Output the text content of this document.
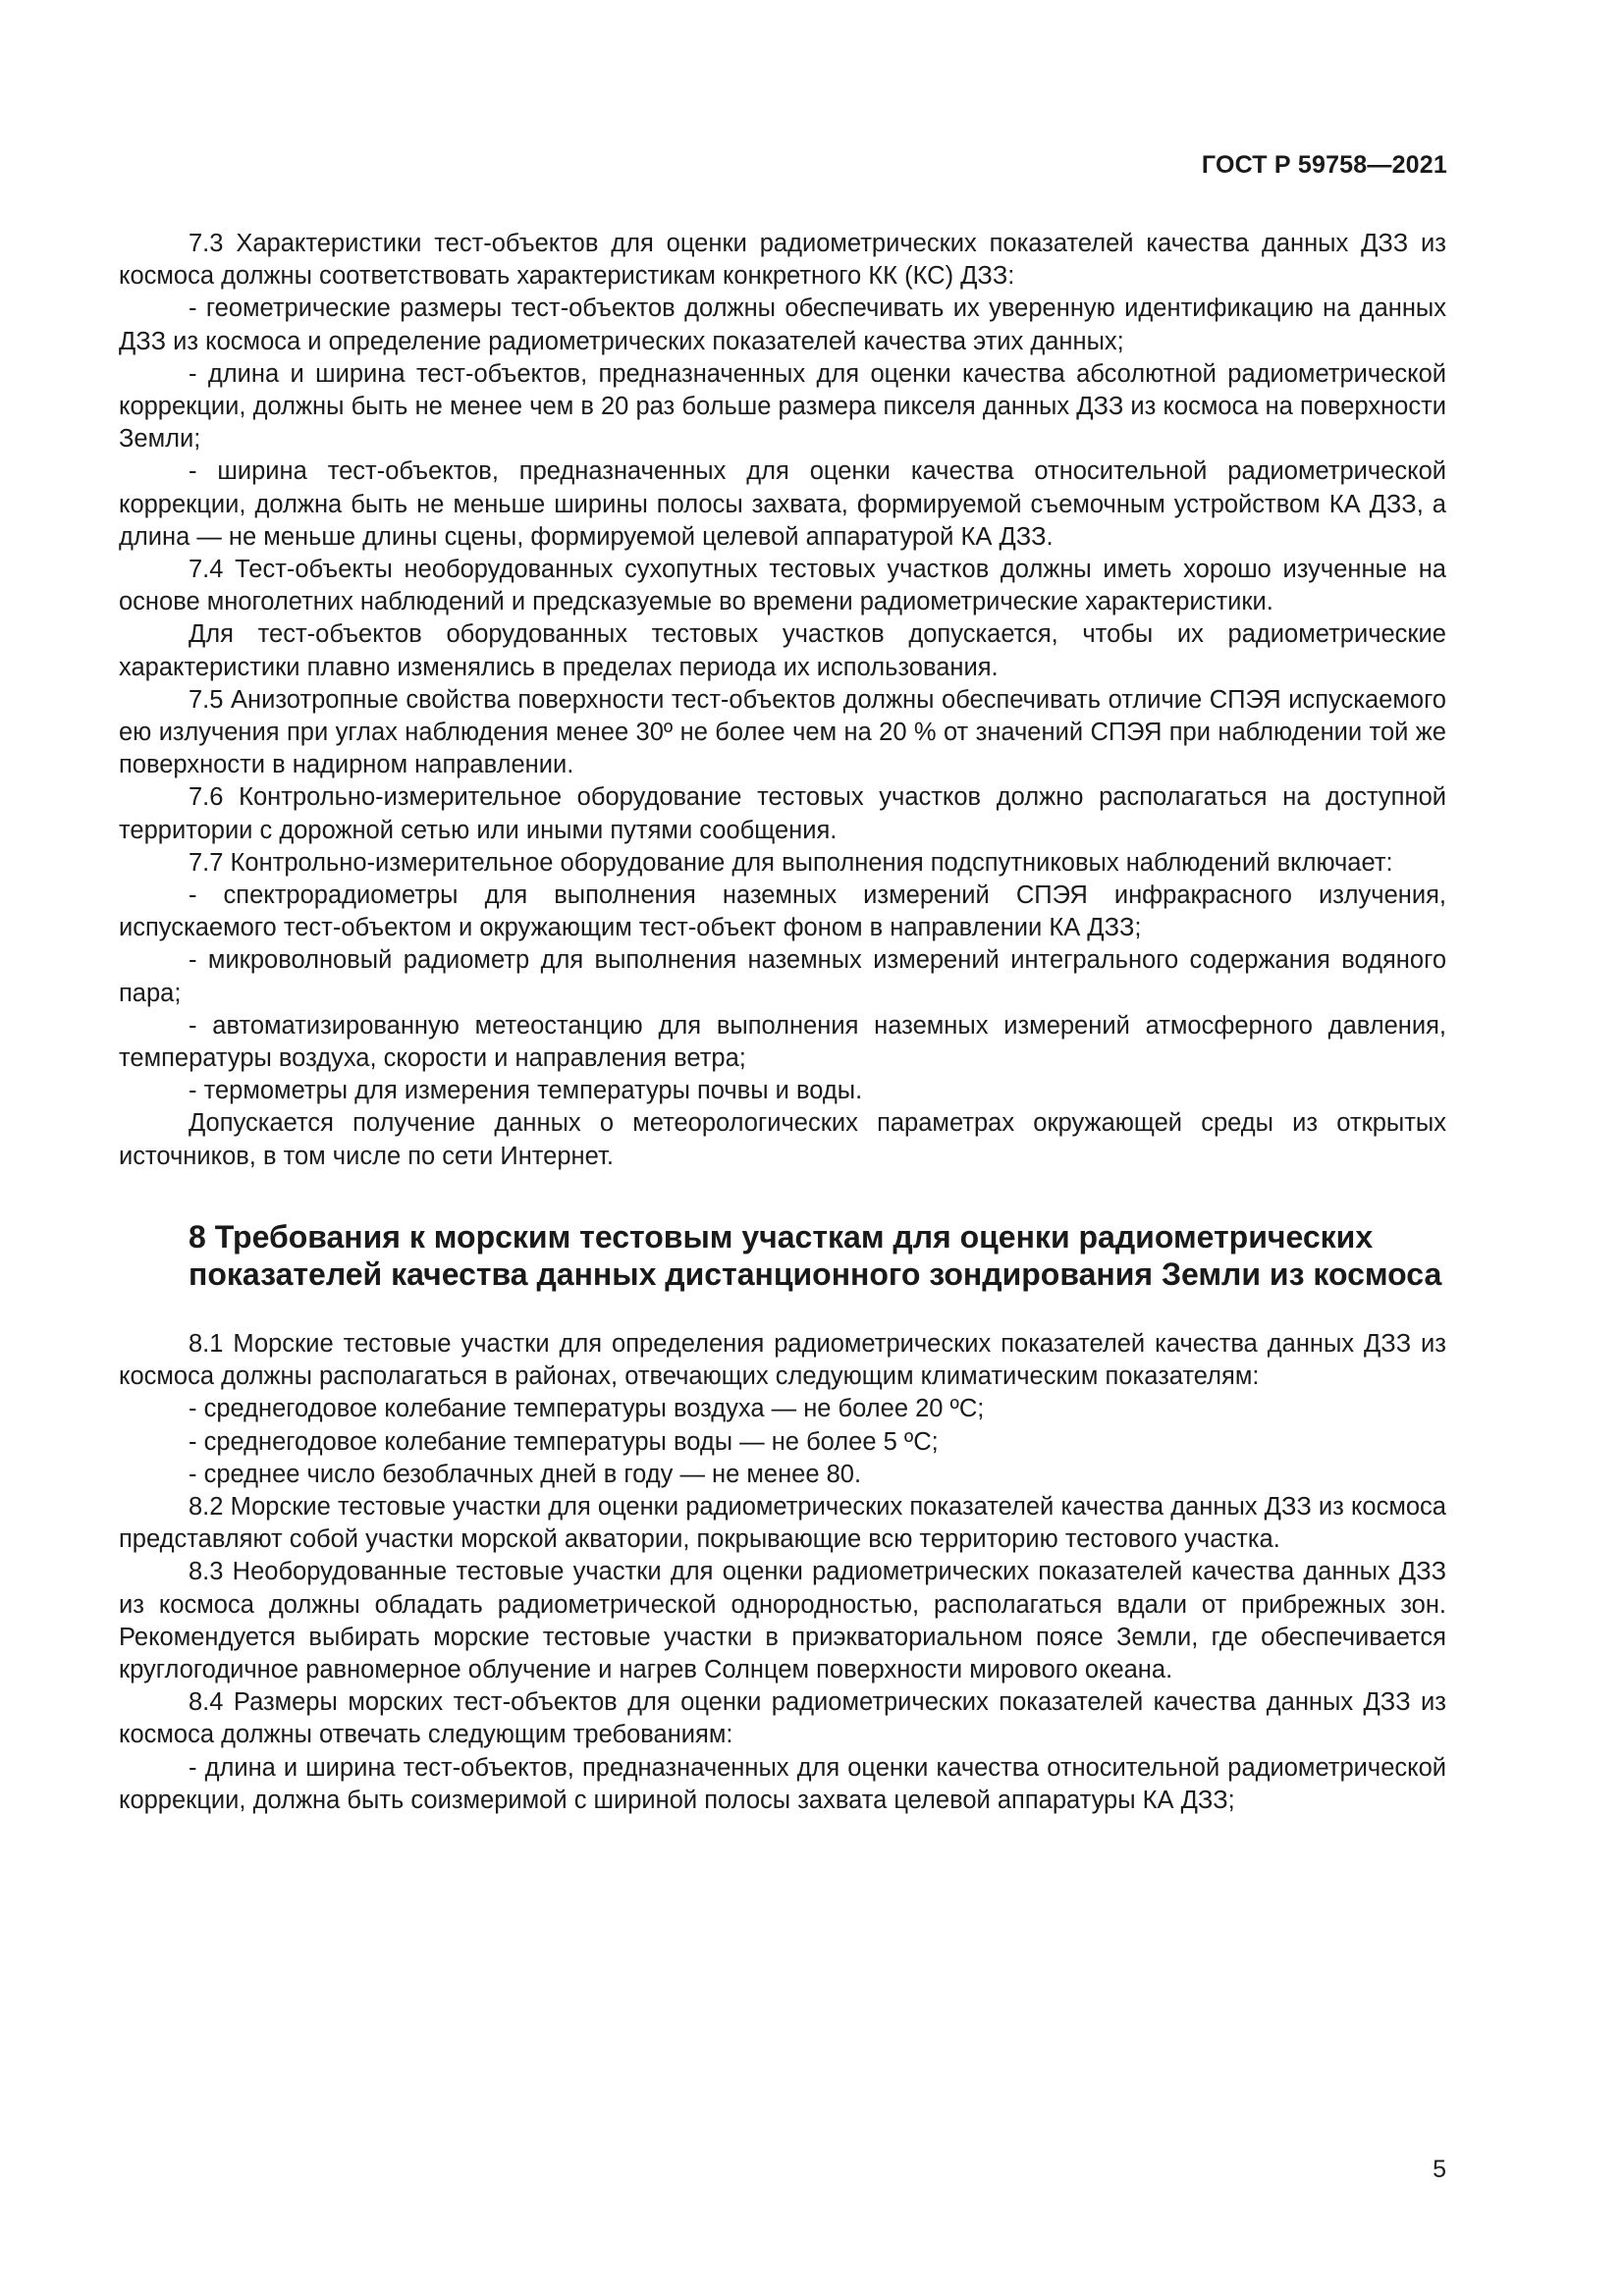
ГОСТ Р 59758—2021

7.3 Характеристики тест-объектов для оценки радиометрических показателей качества данных ДЗЗ из космоса должны соответствовать характеристикам конкретного КК (КС) ДЗЗ:

- геометрические размеры тест-объектов должны обеспечивать их уверенную идентификацию на данных ДЗЗ из космоса и определение радиометрических показателей качества этих данных;

- длина и ширина тест-объектов, предназначенных для оценки качества абсолютной радиометрической коррекции, должны быть не менее чем в 20 раз больше размера пикселя данных ДЗЗ из космоса на поверхности Земли;

- ширина тест-объектов, предназначенных для оценки качества относительной радиометрической коррекции, должна быть не меньше ширины полосы захвата, формируемой съемочным устройством КА ДЗЗ, а длина — не меньше длины сцены, формируемой целевой аппаратурой КА ДЗЗ.

7.4 Тест-объекты необорудованных сухопутных тестовых участков должны иметь хорошо изученные на основе многолетних наблюдений и предсказуемые во времени радиометрические характеристики.

Для тест-объектов оборудованных тестовых участков допускается, чтобы их радиометрические характеристики плавно изменялись в пределах периода их использования.

7.5 Анизотропные свойства поверхности тест-объектов должны обеспечивать отличие СПЭЯ испускаемого ею излучения при углах наблюдения менее 30º не более чем на 20 % от значений СПЭЯ при наблюдении той же поверхности в надирном направлении.

7.6 Контрольно-измерительное оборудование тестовых участков должно располагаться на доступной территории с дорожной сетью или иными путями сообщения.

7.7 Контрольно-измерительное оборудование для выполнения подспутниковых наблюдений включает:

- спектрорадиометры для выполнения наземных измерений СПЭЯ инфракрасного излучения, испускаемого тест-объектом и окружающим тест-объект фоном в направлении КА ДЗЗ;

- микроволновый радиометр для выполнения наземных измерений интегрального содержания водяного пара;

- автоматизированную метеостанцию для выполнения наземных измерений атмосферного давления, температуры воздуха, скорости и направления ветра;

- термометры для измерения температуры почвы и воды.

Допускается получение данных о метеорологических параметрах окружающей среды из открытых источников, в том числе по сети Интернет.

8 Требования к морским тестовым участкам для оценки радиометрических показателей качества данных дистанционного зондирования Земли из космоса

8.1 Морские тестовые участки для определения радиометрических показателей качества данных ДЗЗ из космоса должны располагаться в районах, отвечающих следующим климатическим показателям:

- среднегодовое колебание температуры воздуха — не более 20 ºС;

- среднегодовое колебание температуры воды — не более 5 ºС;

- среднее число безоблачных дней в году — не менее 80.

8.2 Морские тестовые участки для оценки радиометрических показателей качества данных ДЗЗ из космоса представляют собой участки морской акватории, покрывающие всю территорию тестового участка.

8.3 Необорудованные тестовые участки для оценки радиометрических показателей качества данных ДЗЗ из космоса должны обладать радиометрической однородностью, располагаться вдали от прибрежных зон. Рекомендуется выбирать морские тестовые участки в приэкваториальном поясе Земли, где обеспечивается круглогодичное равномерное облучение и нагрев Солнцем поверхности мирового океана.

8.4 Размеры морских тест-объектов для оценки радиометрических показателей качества данных ДЗЗ из космоса должны отвечать следующим требованиям:

- длина и ширина тест-объектов, предназначенных для оценки качества относительной радиометрической коррекции, должна быть соизмеримой с шириной полосы захвата целевой аппаратуры КА ДЗЗ;

5
